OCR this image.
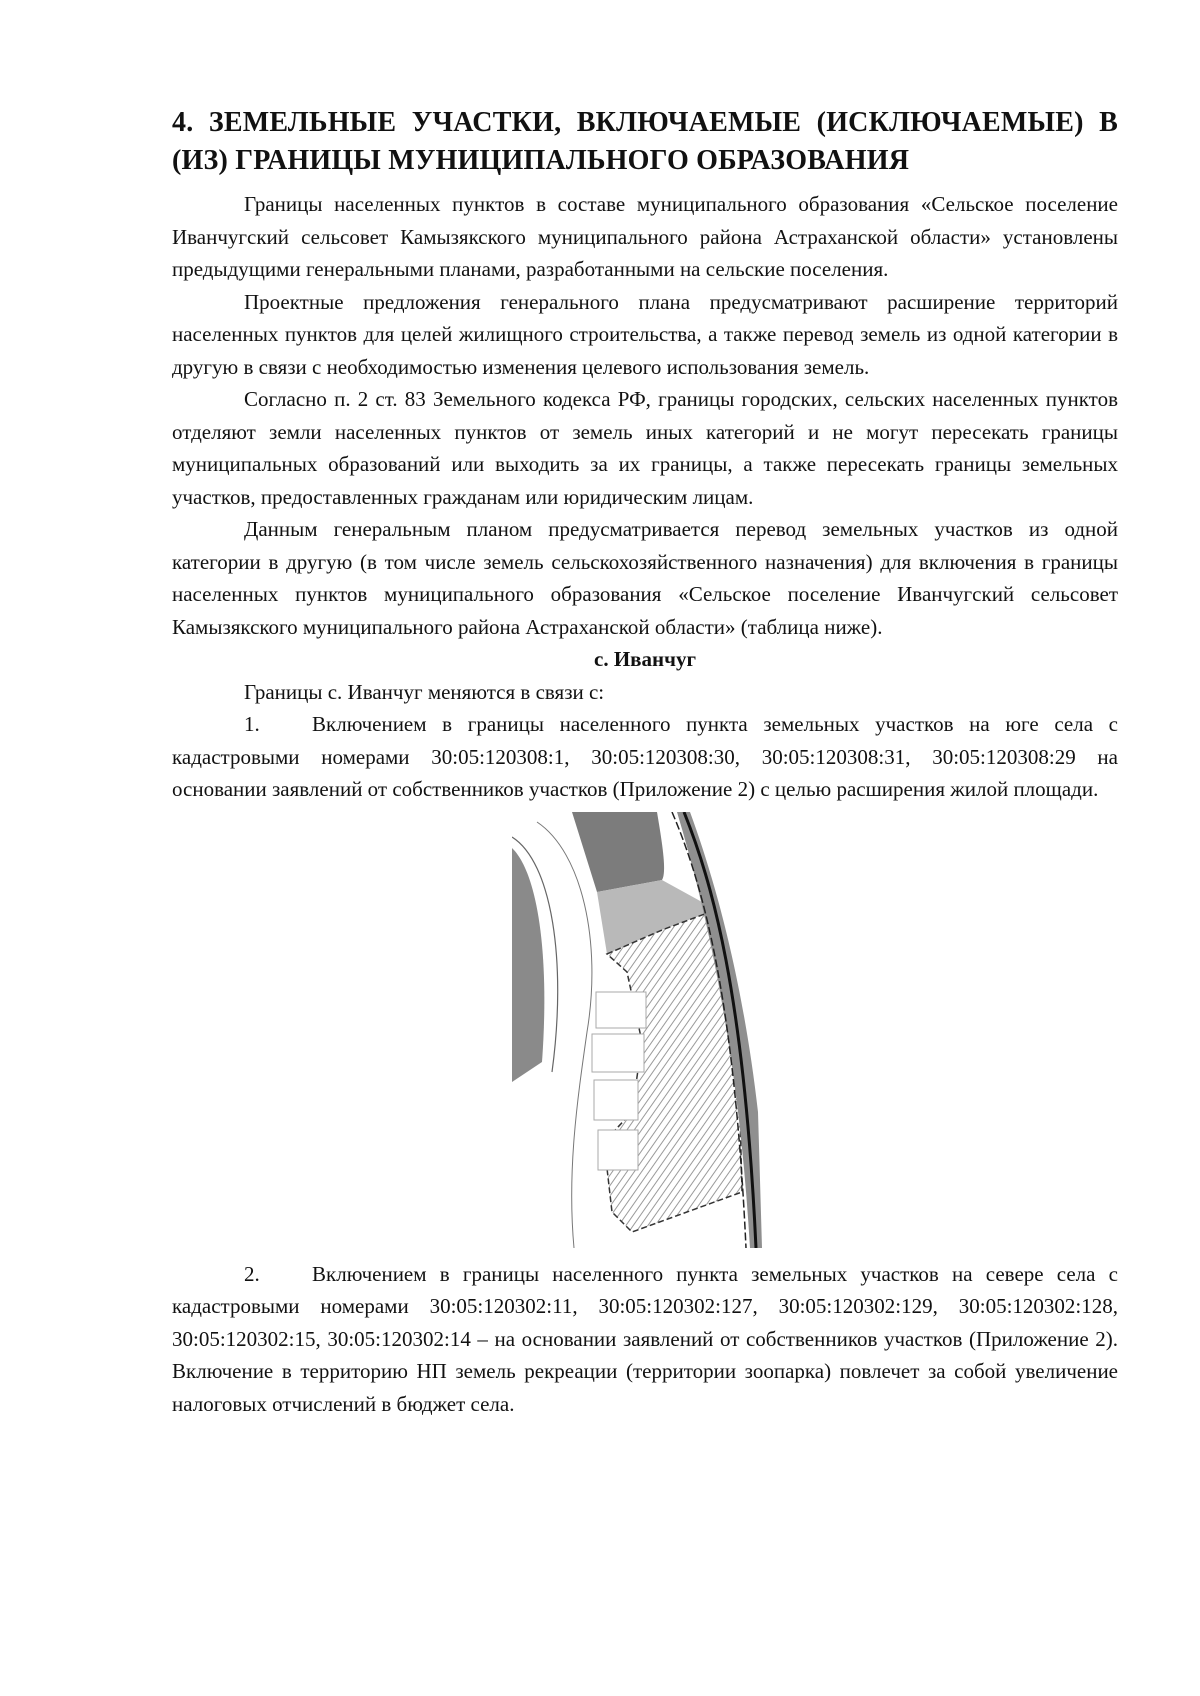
4. ЗЕМЕЛЬНЫЕ УЧАСТКИ, ВКЛЮЧАЕМЫЕ (ИСКЛЮЧАЕМЫЕ) В (ИЗ) ГРАНИЦЫ МУНИЦИПАЛЬНОГО ОБРАЗОВАНИЯ

Границы населенных пунктов в составе муниципального образования «Сельское поселение Иванчугский сельсовет Камызякского муниципального района Астраханской области» установлены предыдущими генеральными планами, разработанными на сельские поселения.

Проектные предложения генерального плана предусматривают расширение территорий населенных пунктов для целей жилищного строительства, а также перевод земель из одной категории в другую в связи с необходимостью изменения целевого использования земель.

Согласно п. 2 ст. 83 Земельного кодекса РФ, границы городских, сельских населенных пунктов отделяют земли населенных пунктов от земель иных категорий и не могут пересекать границы муниципальных образований или выходить за их границы, а также пересекать границы земельных участков, предоставленных гражданам или юридическим лицам.

Данным генеральным планом предусматривается перевод земельных участков из одной категории в другую (в том числе земель сельскохозяйственного назначения) для включения в границы населенных пунктов муниципального образования «Сельское поселение Иванчугский сельсовет Камызякского муниципального района Астраханской области» (таблица ниже).

с. Иванчуг

Границы с. Иванчуг меняются в связи с:

1. Включением в границы населенного пункта земельных участков на юге села с кадастровыми номерами 30:05:120308:1, 30:05:120308:30, 30:05:120308:31, 30:05:120308:29 на основании заявлений от собственников участков (Приложение 2) с целью расширения жилой площади.

2. Включением в границы населенного пункта земельных участков на севере села с кадастровыми номерами 30:05:120302:11, 30:05:120302:127, 30:05:120302:129, 30:05:120302:128, 30:05:120302:15, 30:05:120302:14 – на основании заявлений от собственников участков (Приложение 2). Включение в территорию НП земель рекреации (территории зоопарка) повлечет за собой увеличение налоговых отчислений в бюджет села.
